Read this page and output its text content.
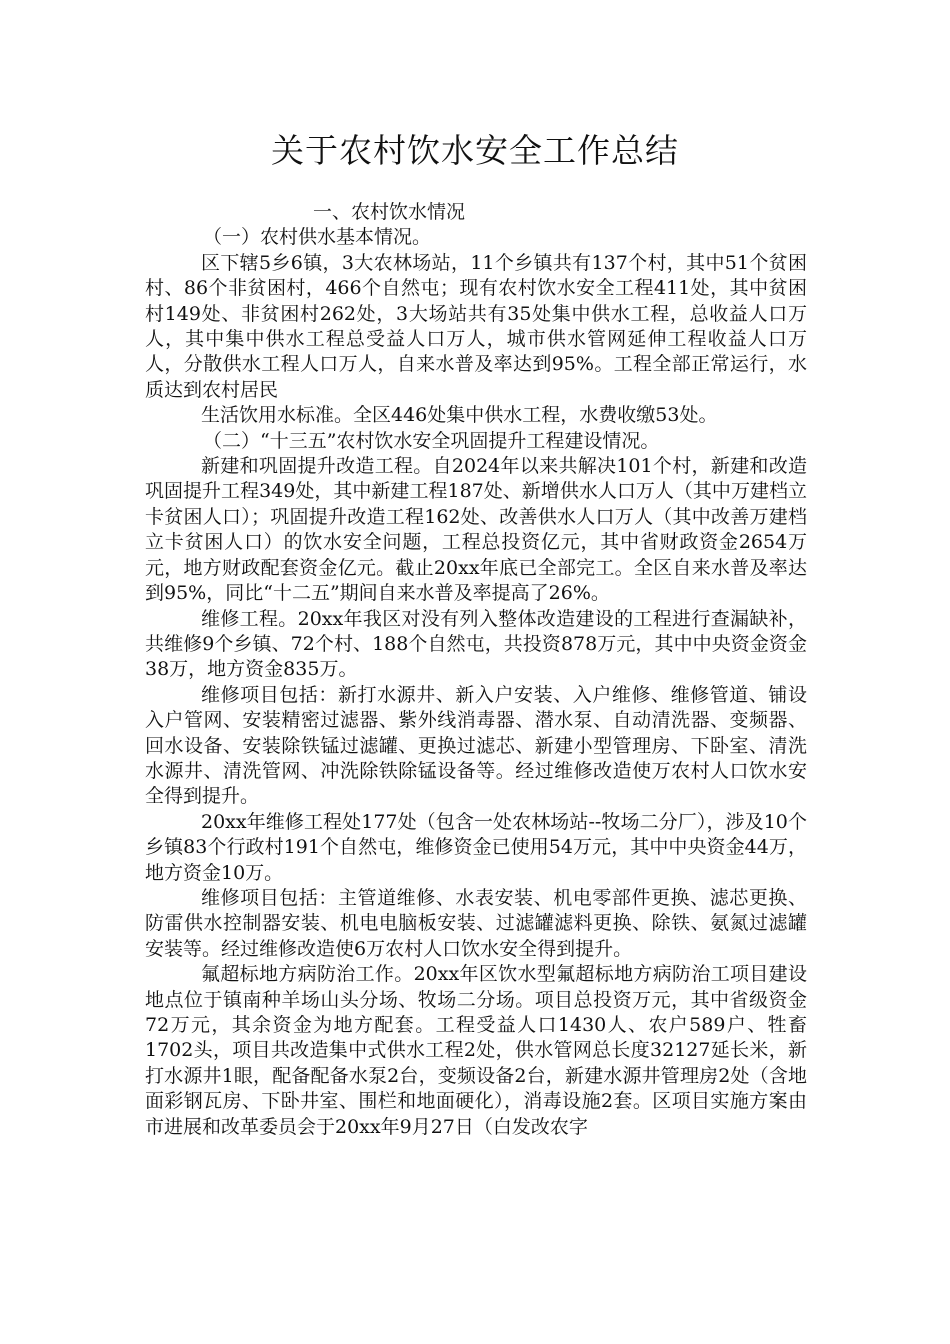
关于农村饮水安全工作总结

一、农村饮水情况

（一）农村供水基本情况。

区下辖5乡6镇，3大农林场站，11个乡镇共有137个村，其中51个贫困村、86个非贫困村，466个自然屯；现有农村饮水安全工程411处，其中贫困村149处、非贫困村262处，3大场站共有35处集中供水工程，总收益人口万人，其中集中供水工程总受益人口万人，城市供水管网延伸工程收益人口万人，分散供水工程人口万人，自来水普及率达到95%。工程全部正常运行，水质达到农村居民

生活饮用水标准。全区446处集中供水工程，水费收缴53处。

（二）“十三五”农村饮水安全巩固提升工程建设情况。

新建和巩固提升改造工程。自2024年以来共解决101个村，新建和改造巩固提升工程349处，其中新建工程187处、新增供水人口万人（其中万建档立卡贫困人口）；巩固提升改造工程162处、改善供水人口万人（其中改善万建档立卡贫困人口）的饮水安全问题，工程总投资亿元，其中省财政资金2654万元，地方财政配套资金亿元。截止20xx年底已全部完工。全区自来水普及率达到95%，同比“十二五”期间自来水普及率提高了26%。

维修工程。20xx年我区对没有列入整体改造建设的工程进行查漏缺补，共维修9个乡镇、72个村、188个自然屯，共投资878万元，其中中央资金资金38万，地方资金835万。

维修项目包括：新打水源井、新入户安装、入户维修、维修管道、铺设入户管网、安装精密过滤器、紫外线消毒器、潜水泵、自动清洗器、变频器、回水设备、安装除铁锰过滤罐、更换过滤芯、新建小型管理房、下卧室、清洗水源井、清洗管网、冲洗除铁除锰设备等。经过维修改造使万农村人口饮水安全得到提升。

20xx年维修工程处177处（包含一处农林场站--牧场二分厂），涉及10个乡镇83个行政村191个自然屯，维修资金已使用54万元，其中中央资金44万，地方资金10万。

维修项目包括：主管道维修、水表安装、机电零部件更换、滤芯更换、防雷供水控制器安装、机电电脑板安装、过滤罐滤料更换、除铁、氨氮过滤罐安装等。经过维修改造使6万农村人口饮水安全得到提升。

氟超标地方病防治工作。20xx年区饮水型氟超标地方病防治工项目建设地点位于镇南种羊场山头分场、牧场二分场。项目总投资万元，其中省级资金72万元，其余资金为地方配套。工程受益人口1430人、农户589户、牲畜1702头，项目共改造集中式供水工程2处，供水管网总长度32127延长米，新打水源井1眼，配备配备水泵2台，变频设备2台，新建水源井管理房2处（含地面彩钢瓦房、下卧井室、围栏和地面硬化），消毒设施2套。区项目实施方案由市进展和改革委员会于20xx年9月27日（白发改农字
